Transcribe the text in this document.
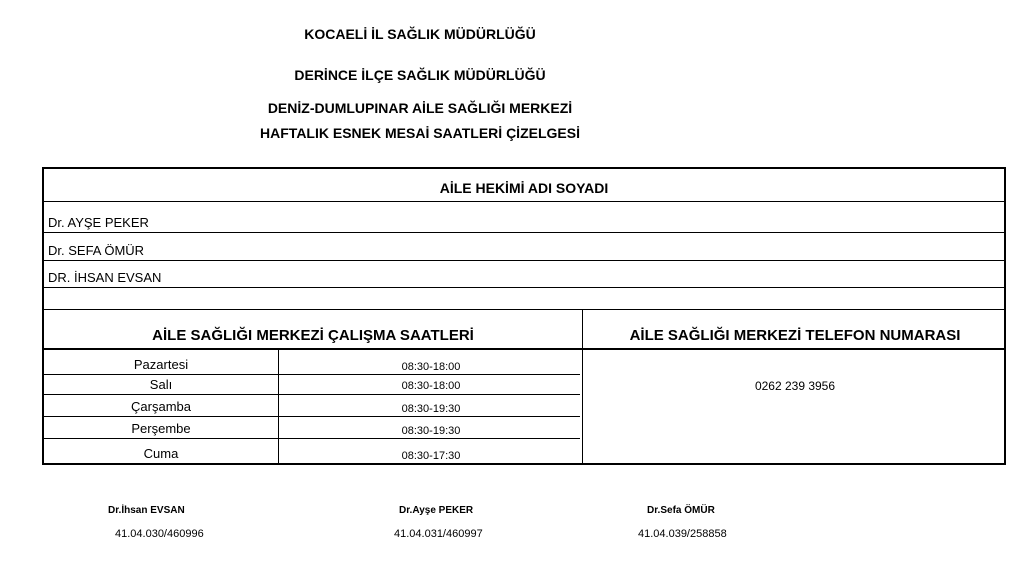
KOCAELİ İL SAĞLIK MÜDÜRLÜĞÜ
DERİNCE İLÇE SAĞLIK MÜDÜRLÜĞÜ
DENİZ-DUMLUPINAR AİLE SAĞLIĞI MERKEZİ
HAFTALIK ESNEK MESAİ SAATLERİ ÇİZELGESİ
AİLE HEKİMİ ADI SOYADI
Dr. AYŞE PEKER
Dr. SEFA ÖMÜR
DR. İHSAN EVSAN
AİLE SAĞLIĞI MERKEZİ ÇALIŞMA SAATLERİ	AİLE SAĞLIĞI MERKEZİ TELEFON NUMARASI
Pazartesi	08:30-18:00
Salı	08:30-18:00
Çarşamba	08:30-19:30
Perşembe	08:30-19:30
Cuma	08:30-17:30
0262 239 3956
Dr.İhsan EVSAN
41.04.030/460996
Dr.Ayşe PEKER
41.04.031/460997
Dr.Sefa ÖMÜR
41.04.039/258858
